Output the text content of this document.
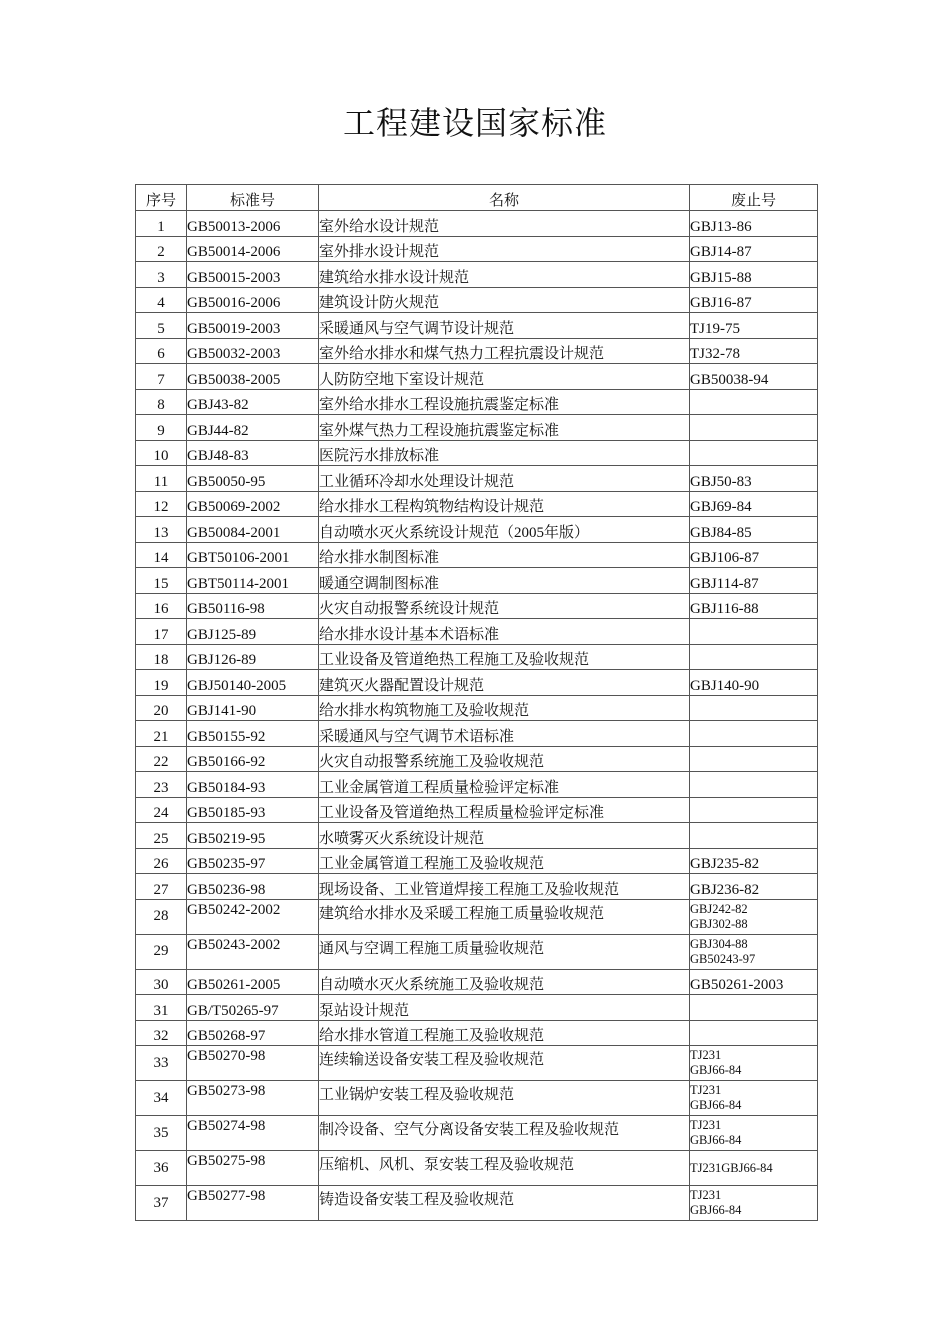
工程建设国家标准
序号	标准号	名称	废止号
1	GB50013-2006	室外给水设计规范	GBJ13-86
2	GB50014-2006	室外排水设计规范	GBJ14-87
3	GB50015-2003	建筑给水排水设计规范	GBJ15-88
4	GB50016-2006	建筑设计防火规范	GBJ16-87
5	GB50019-2003	采暖通风与空气调节设计规范	TJ19-75
6	GB50032-2003	室外给水排水和煤气热力工程抗震设计规范	TJ32-78
7	GB50038-2005	人防防空地下室设计规范	GB50038-94
8	GBJ43-82	室外给水排水工程设施抗震鉴定标准	
9	GBJ44-82	室外煤气热力工程设施抗震鉴定标准	
10	GBJ48-83	医院污水排放标准	
11	GB50050-95	工业循环冷却水处理设计规范	GBJ50-83
12	GB50069-2002	给水排水工程构筑物结构设计规范	GBJ69-84
13	GB50084-2001	自动喷水灭火系统设计规范（2005年版）	GBJ84-85
14	GBT50106-2001	给水排水制图标准	GBJ106-87
15	GBT50114-2001	暖通空调制图标准	GBJ114-87
16	GB50116-98	火灾自动报警系统设计规范	GBJ116-88
17	GBJ125-89	给水排水设计基本术语标准	
18	GBJ126-89	工业设备及管道绝热工程施工及验收规范	
19	GBJ50140-2005	建筑灭火器配置设计规范	GBJ140-90
20	GBJ141-90	给水排水构筑物施工及验收规范	
21	GB50155-92	采暖通风与空气调节术语标准	
22	GB50166-92	火灾自动报警系统施工及验收规范	
23	GB50184-93	工业金属管道工程质量检验评定标准	
24	GB50185-93	工业设备及管道绝热工程质量检验评定标准	
25	GB50219-95	水喷雾灭火系统设计规范	
26	GB50235-97	工业金属管道工程施工及验收规范	GBJ235-82
27	GB50236-98	现场设备、工业管道焊接工程施工及验收规范	GBJ236-82
28	GB50242-2002	建筑给水排水及采暖工程施工质量验收规范	GBJ242-82
GBJ302-88

29	GB50243-2002	通风与空调工程施工质量验收规范	GBJ304-88
GB50243-97

30	GB50261-2005	自动喷水灭火系统施工及验收规范	GB50261-2003
31	GB/T50265-97	泵站设计规范	
32	GB50268-97	给水排水管道工程施工及验收规范	
33	GB50270-98	连续输送设备安装工程及验收规范	TJ231
GBJ66-84

34	GB50273-98	工业锅炉安装工程及验收规范	TJ231
GBJ66-84

35	GB50274-98	制冷设备、空气分离设备安装工程及验收规范	TJ231
GBJ66-84

36	GB50275-98	压缩机、风机、泵安装工程及验收规范	TJ231GBJ66-84

37	GB50277-98	铸造设备安装工程及验收规范	TJ231
GBJ66-84
